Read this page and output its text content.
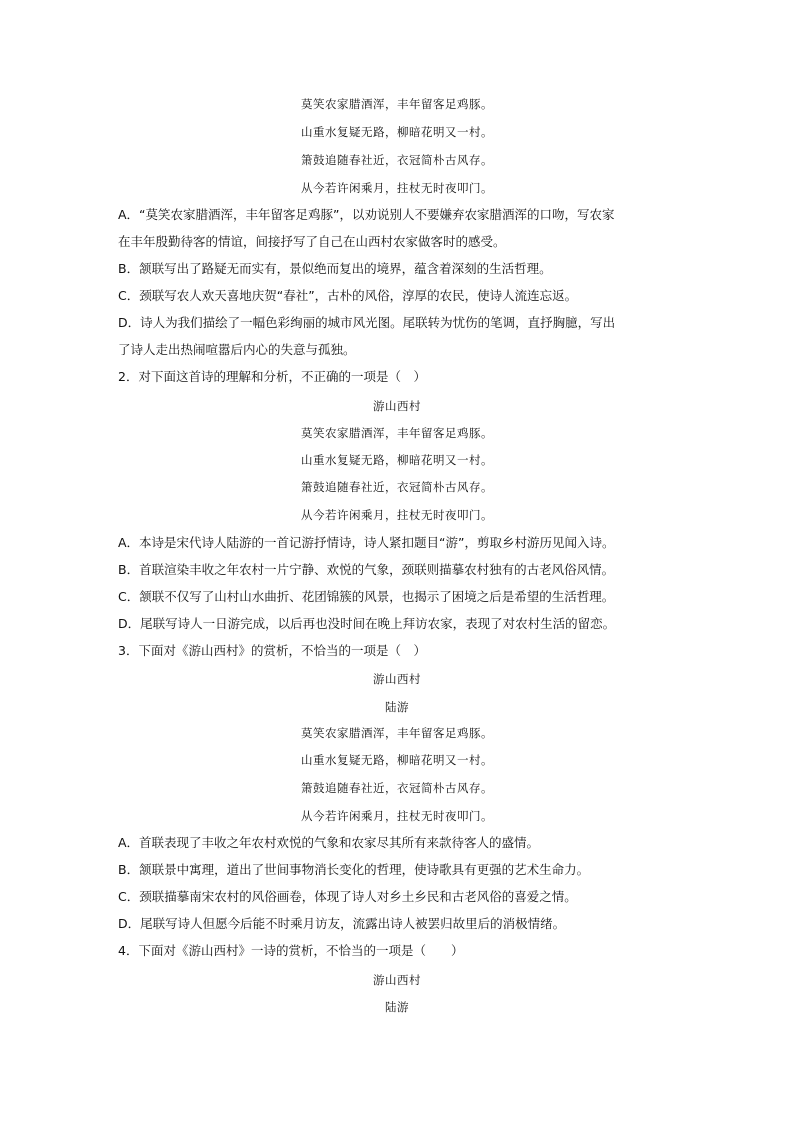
莫笑农家腊酒浑，丰年留客足鸡豚。
山重水复疑无路，柳暗花明又一村。
箫鼓追随春社近，衣冠简朴古风存。
从今若许闲乘月，拄杖无时夜叩门。
A．“莫笑农家腊酒浑，丰年留客足鸡豚”，以劝说别人不要嫌弃农家腊酒浑的口吻，写农家
在丰年殷勤待客的情谊，间接抒写了自己在山西村农家做客时的感受。
B．颔联写出了路疑无而实有，景似绝而复出的境界，蕴含着深刻的生活哲理。
C．颈联写农人欢天喜地庆贺“春社”，古朴的风俗，淳厚的农民，使诗人流连忘返。
D．诗人为我们描绘了一幅色彩绚丽的城市风光图。尾联转为忧伤的笔调，直抒胸臆，写出
了诗人走出热闹喧嚣后内心的失意与孤独。
2．对下面这首诗的理解和分析，不正确的一项是（　）
游山西村
莫笑农家腊酒浑，丰年留客足鸡豚。
山重水复疑无路，柳暗花明又一村。
箫鼓追随春社近，衣冠简朴古风存。
从今若许闲乘月，拄杖无时夜叩门。
A．本诗是宋代诗人陆游的一首记游抒情诗，诗人紧扣题目“游”，剪取乡村游历见闻入诗。
B．首联渲染丰收之年农村一片宁静、欢悦的气象，颈联则描摹农村独有的古老风俗风情。
C．颔联不仅写了山村山水曲折、花团锦簇的风景，也揭示了困境之后是希望的生活哲理。
D．尾联写诗人一日游完成，以后再也没时间在晚上拜访农家，表现了对农村生活的留恋。
3．下面对《游山西村》的赏析，不恰当的一项是（　）
游山西村
陆游
莫笑农家腊酒浑，丰年留客足鸡豚。
山重水复疑无路，柳暗花明又一村。
箫鼓追随春社近，衣冠简朴古风存。
从今若许闲乘月，拄杖无时夜叩门。
A．首联表现了丰收之年农村欢悦的气象和农家尽其所有来款待客人的盛情。
B．颔联景中寓理，道出了世间事物消长变化的哲理，使诗歌具有更强的艺术生命力。
C．颈联描摹南宋农村的风俗画卷，体现了诗人对乡土乡民和古老风俗的喜爱之情。
D．尾联写诗人但愿今后能不时乘月访友，流露出诗人被罢归故里后的消极情绪。
4．下面对《游山西村》一诗的赏析，不恰当的一项是（　　）
游山西村
陆游
